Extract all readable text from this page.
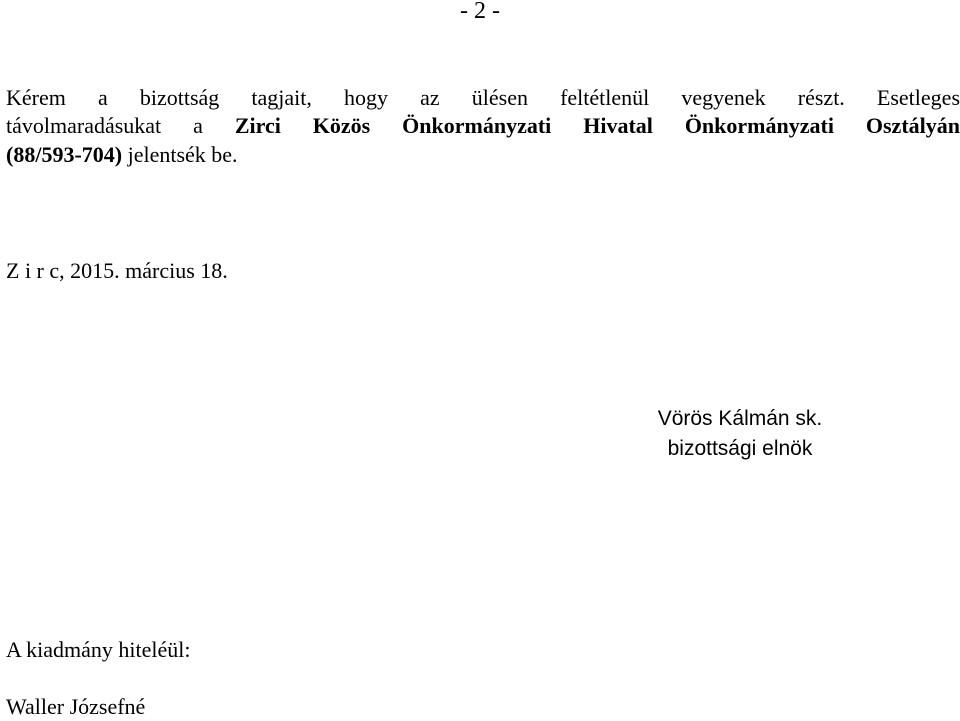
- 2 -
Kérem a bizottság tagjait, hogy az ülésen feltétlenül vegyenek részt. Esetleges
távolmaradásukat a Zirci Közös Önkormányzati Hivatal Önkormányzati Osztályán
(88/593-704) jelentsék be.
Z i r c, 2015. március 18.
Vörös Kálmán sk.
bizottsági elnök
A kiadmány hiteléül:
Waller Józsefné
